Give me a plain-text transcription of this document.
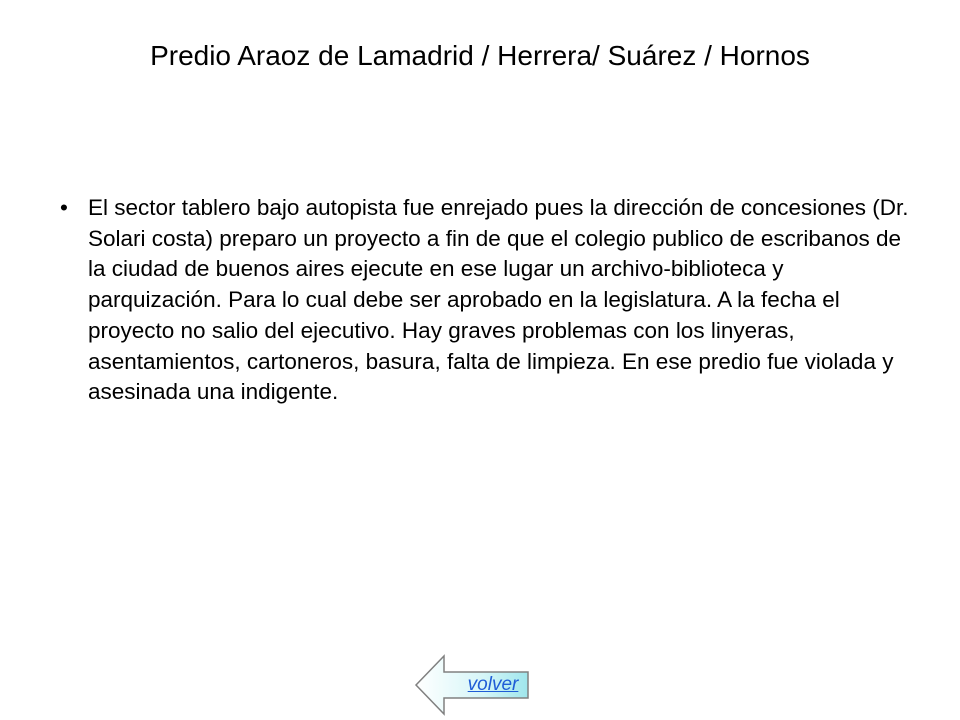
Predio Araoz de Lamadrid / Herrera/ Suárez / Hornos
• El sector tablero bajo autopista fue enrejado pues la dirección de concesiones (Dr. Solari costa) preparo un proyecto a fin de que el colegio publico de escribanos de la ciudad de buenos aires ejecute en ese lugar un archivo-biblioteca y parquización. Para lo cual debe ser aprobado en la legislatura. A la fecha el proyecto no salio del ejecutivo. Hay graves problemas con los linyeras, asentamientos, cartoneros, basura, falta de limpieza. En ese predio fue violada y asesinada una indigente.
volver
